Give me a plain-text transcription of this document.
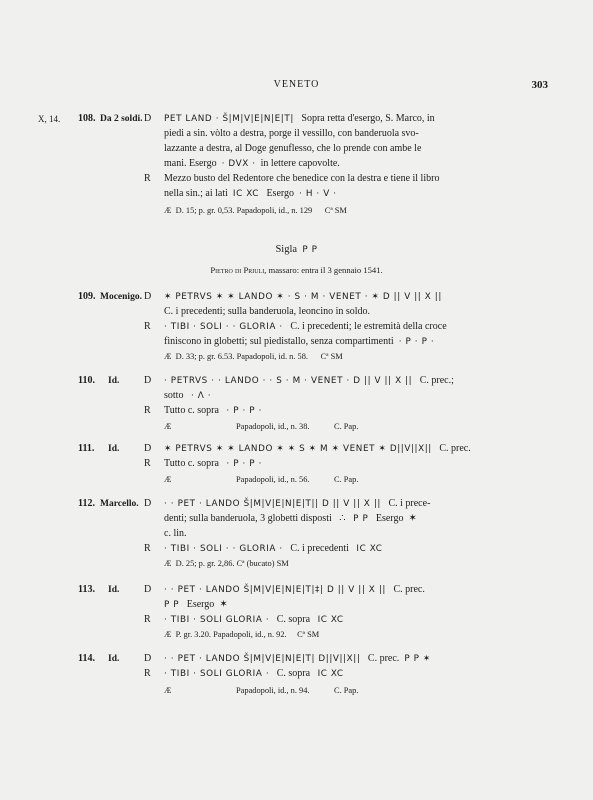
VENETO	303
X, 14. 108. Da 2 soldi. D PET LAND · Š|M|V|E|N|E|T| Sopra retta d'esergo, S. Marco, in
piedi a sin. vòlto a destra, porge il vessillo, con banderuola svo-
lazzante a destra, al Doge genuflesso, che lo prende con ambe le
mani. Esergo · DVX · in lettere capovolte.
R Mezzo busto del Redentore che benedice con la destra e tiene il libro
nella sin.; ai lati IC XC Esergo · H · V ·
Æ D. 15; p. gr. 0,53. Papadopoli, id., n. 129 Cª SM
Sigla P P
Pietro di Priuli, massaro: entra il 3 gennaio 1541.
109. Mocenigo. D ✶ PETRVS ✶ ✶ LANDO ✶ · S · M · VENET · ✶ D || V || X ||
C. i precedenti; sulla banderuola, leoncino in soldo.
R · TIBI · SOLI · · GLORIA · C. i precedenti; le estremità della croce
finiscono in globetti; sul piedistallo, senza compartimenti · P · P ·
Æ D. 33; p. gr. 6.53. Papadopoli, id. n. 58. Cª SM
110. Id. D · PETRVS · · LANDO · · S · M · VENET · D || V || X || C. prec.;
sotto · Λ ·
R Tutto c. sopra · P · P ·
Æ	Papadopoli, id., n. 38.	C. Pap.
111. Id. D ✶ PETRVS ✶ ✶ LANDO ✶ ✶ S ✶ M ✶ VENET ✶ D||V||X|| C. prec.
R Tutto c. sopra · P · P ·
Æ	Papadopoli, id., n. 56.	C. Pap.
112. Marcello. D · · PET · LANDO Š|M|V|E|N|E|T|| D || V || X || C. i prece-
denti; sulla banderuola, 3 globetti disposti ∴ P P Esergo ✶
c. lin.
R · TIBI · SOLI · · GLORIA · C. i precedenti IC XC
Æ D. 25; p. gr. 2,86. Cª (bucato) SM
113. Id. D · · PET · LANDO Š|M|V|E|N|E|T|‡| D || V || X || C. prec.
P P Esergo ✶
R · TIBI · SOLI GLORIA · C. sopra IC XC
Æ P. gr. 3.20. Papadopoli, id., n. 92. Cª SM
114. Id. D · · PET · LANDO Š|M|V|E|N|E|T| D||V||X|| C. prec. P P ✶
R · TIBI · SOLI GLORIA · C. sopra IC XC
Æ	Papadopoli, id., n. 94.	C. Pap.
